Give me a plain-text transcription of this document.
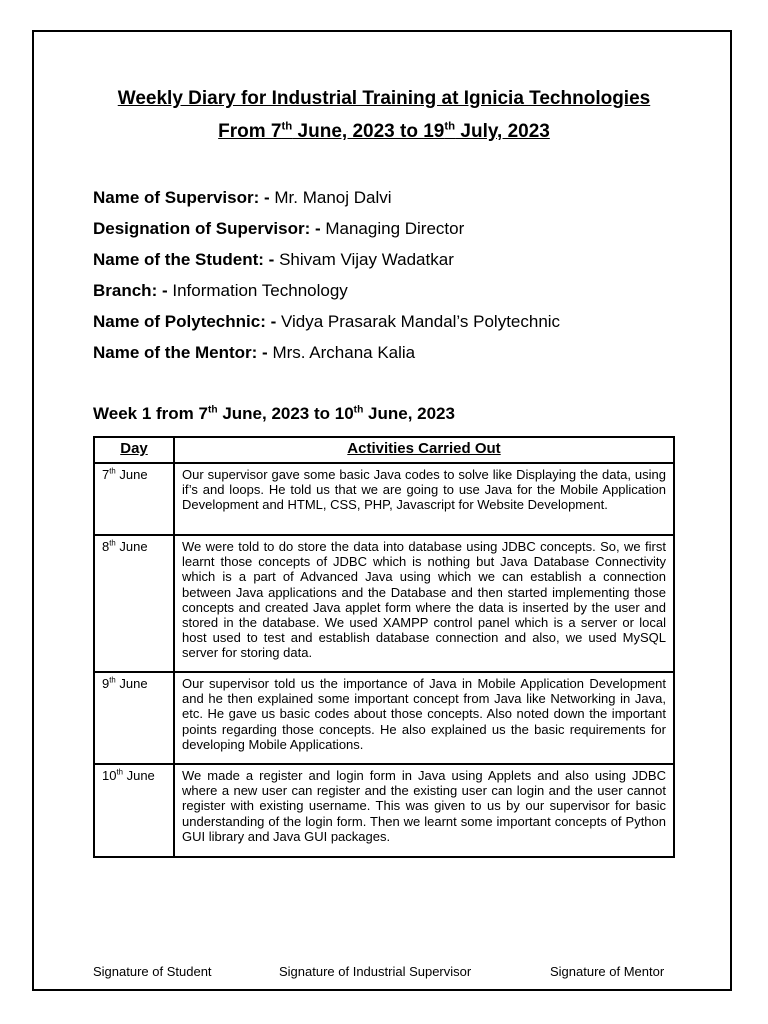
Weekly Diary for Industrial Training at Ignicia Technologies
From 7th June, 2023 to 19th July, 2023
Name of Supervisor: - Mr. Manoj Dalvi
Designation of Supervisor: - Managing Director
Name of the Student: - Shivam Vijay Wadatkar
Branch: - Information Technology
Name of Polytechnic: - Vidya Prasarak Mandal’s Polytechnic
Name of the Mentor: - Mrs. Archana Kalia
Week 1 from 7th June, 2023 to 10th June, 2023
Day	Activities Carried Out
7th June	Our supervisor gave some basic Java codes to solve like Displaying the data, using if’s and loops. He told us that we are going to use Java for the Mobile Application Development and HTML, CSS, PHP, Javascript for Website Development.
8th June	We were told to do store the data into database using JDBC concepts. So, we first learnt those concepts of JDBC which is nothing but Java Database Connectivity which is a part of Advanced Java using which we can establish a connection between Java applications and the Database and then started implementing those concepts and created Java applet form where the data is inserted by the user and stored in the database. We used XAMPP control panel which is a server or local host used to test and establish database connection and also, we used MySQL server for storing data.
9th June	Our supervisor told us the importance of Java in Mobile Application Development and he then explained some important concept from Java like Networking in Java, etc. He gave us basic codes about those concepts. Also noted down the important points regarding those concepts. He also explained us the basic requirements for developing Mobile Applications.
10th June	We made a register and login form in Java using Applets and also using JDBC where a new user can register and the existing user can login and the user cannot register with existing username. This was given to us by our supervisor for basic understanding of the login form. Then we learnt some important concepts of Python GUI library and Java GUI packages.
Signature of Student	Signature of Industrial Supervisor	Signature of Mentor
